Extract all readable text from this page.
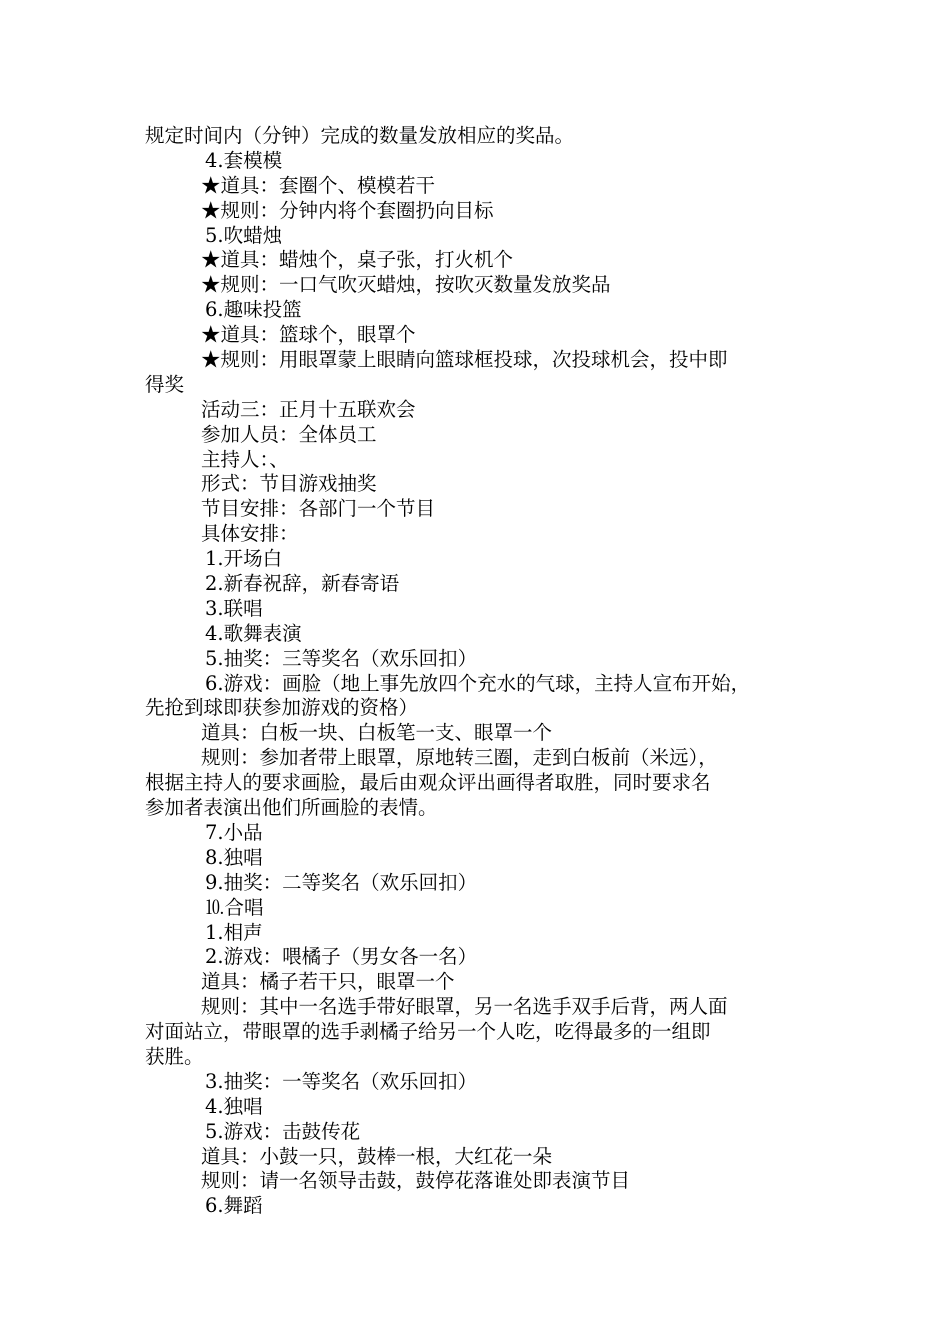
规定时间内（分钟）完成的数量发放相应的奖品。
4.套模模
★道具：套圈个、模模若干
★规则：分钟内将个套圈扔向目标
5.吹蜡烛
★道具：蜡烛个，桌子张，打火机个
★规则：一口气吹灭蜡烛，按吹灭数量发放奖品
6.趣味投篮
★道具：篮球个，眼罩个
★规则：用眼罩蒙上眼睛向篮球框投球，次投球机会，投中即
得奖
活动三：正月十五联欢会
参加人员：全体员工
主持人：、
形式：节目游戏抽奖
节目安排：各部门一个节目
具体安排：
1.开场白
2.新春祝辞，新春寄语
3.联唱
4.歌舞表演
5.抽奖：三等奖名（欢乐回扣）
6.游戏：画脸（地上事先放四个充水的气球，主持人宣布开始，
先抢到球即获参加游戏的资格）
道具：白板一块、白板笔一支、眼罩一个
规则：参加者带上眼罩，原地转三圈，走到白板前（米远），
根据主持人的要求画脸，最后由观众评出画得者取胜，同时要求名
参加者表演出他们所画脸的表情。
7.小品
8.独唱
9.抽奖：二等奖名（欢乐回扣）
⒑合唱
1.相声
2.游戏：喂橘子（男女各一名）
道具：橘子若干只，眼罩一个
规则：其中一名选手带好眼罩，另一名选手双手后背，两人面
对面站立，带眼罩的选手剥橘子给另一个人吃，吃得最多的一组即
获胜。
3.抽奖：一等奖名（欢乐回扣）
4.独唱
5.游戏：击鼓传花
道具：小鼓一只，鼓棒一根，大红花一朵
规则：请一名领导击鼓，鼓停花落谁处即表演节目
6.舞蹈
